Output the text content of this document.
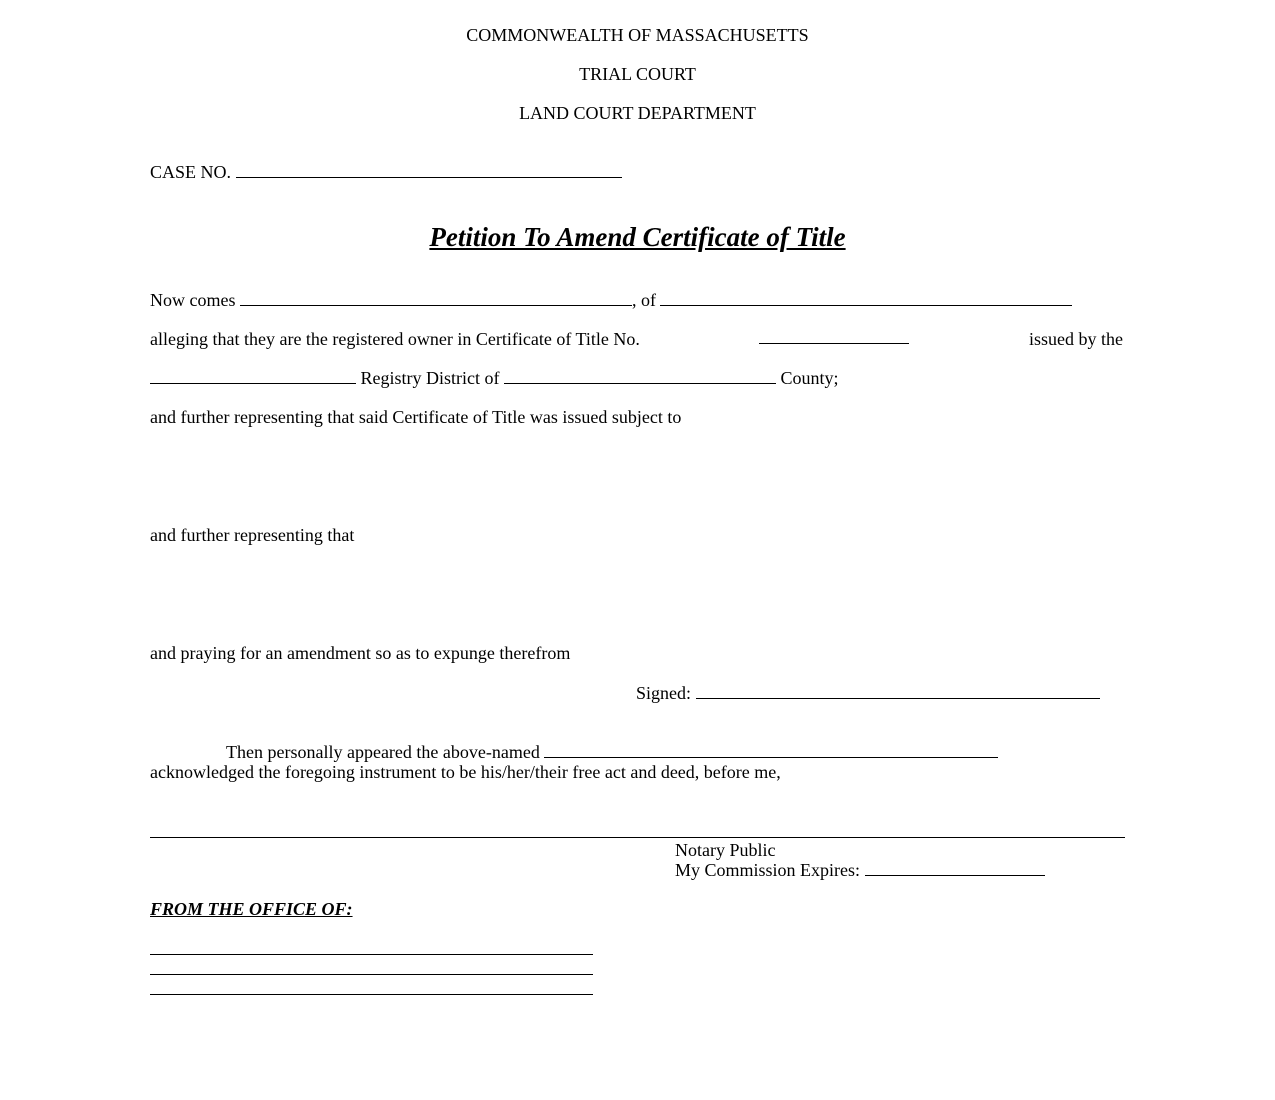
COMMONWEALTH OF MASSACHUSETTS
TRIAL COURT
LAND COURT DEPARTMENT
CASE NO.
Petition To Amend Certificate of Title
Now comes	, of
alleging that they are the registered owner in Certificate of Title No.	issued by the
Registry District of	County;
and further representing that said Certificate of Title was issued subject to
and further representing that
and praying for an amendment so as to expunge therefrom
Signed:
Then personally appeared the above-named
acknowledged the foregoing instrument to be his/her/their free act and deed, before me,
Notary Public
My Commission Expires:
FROM THE OFFICE OF:
